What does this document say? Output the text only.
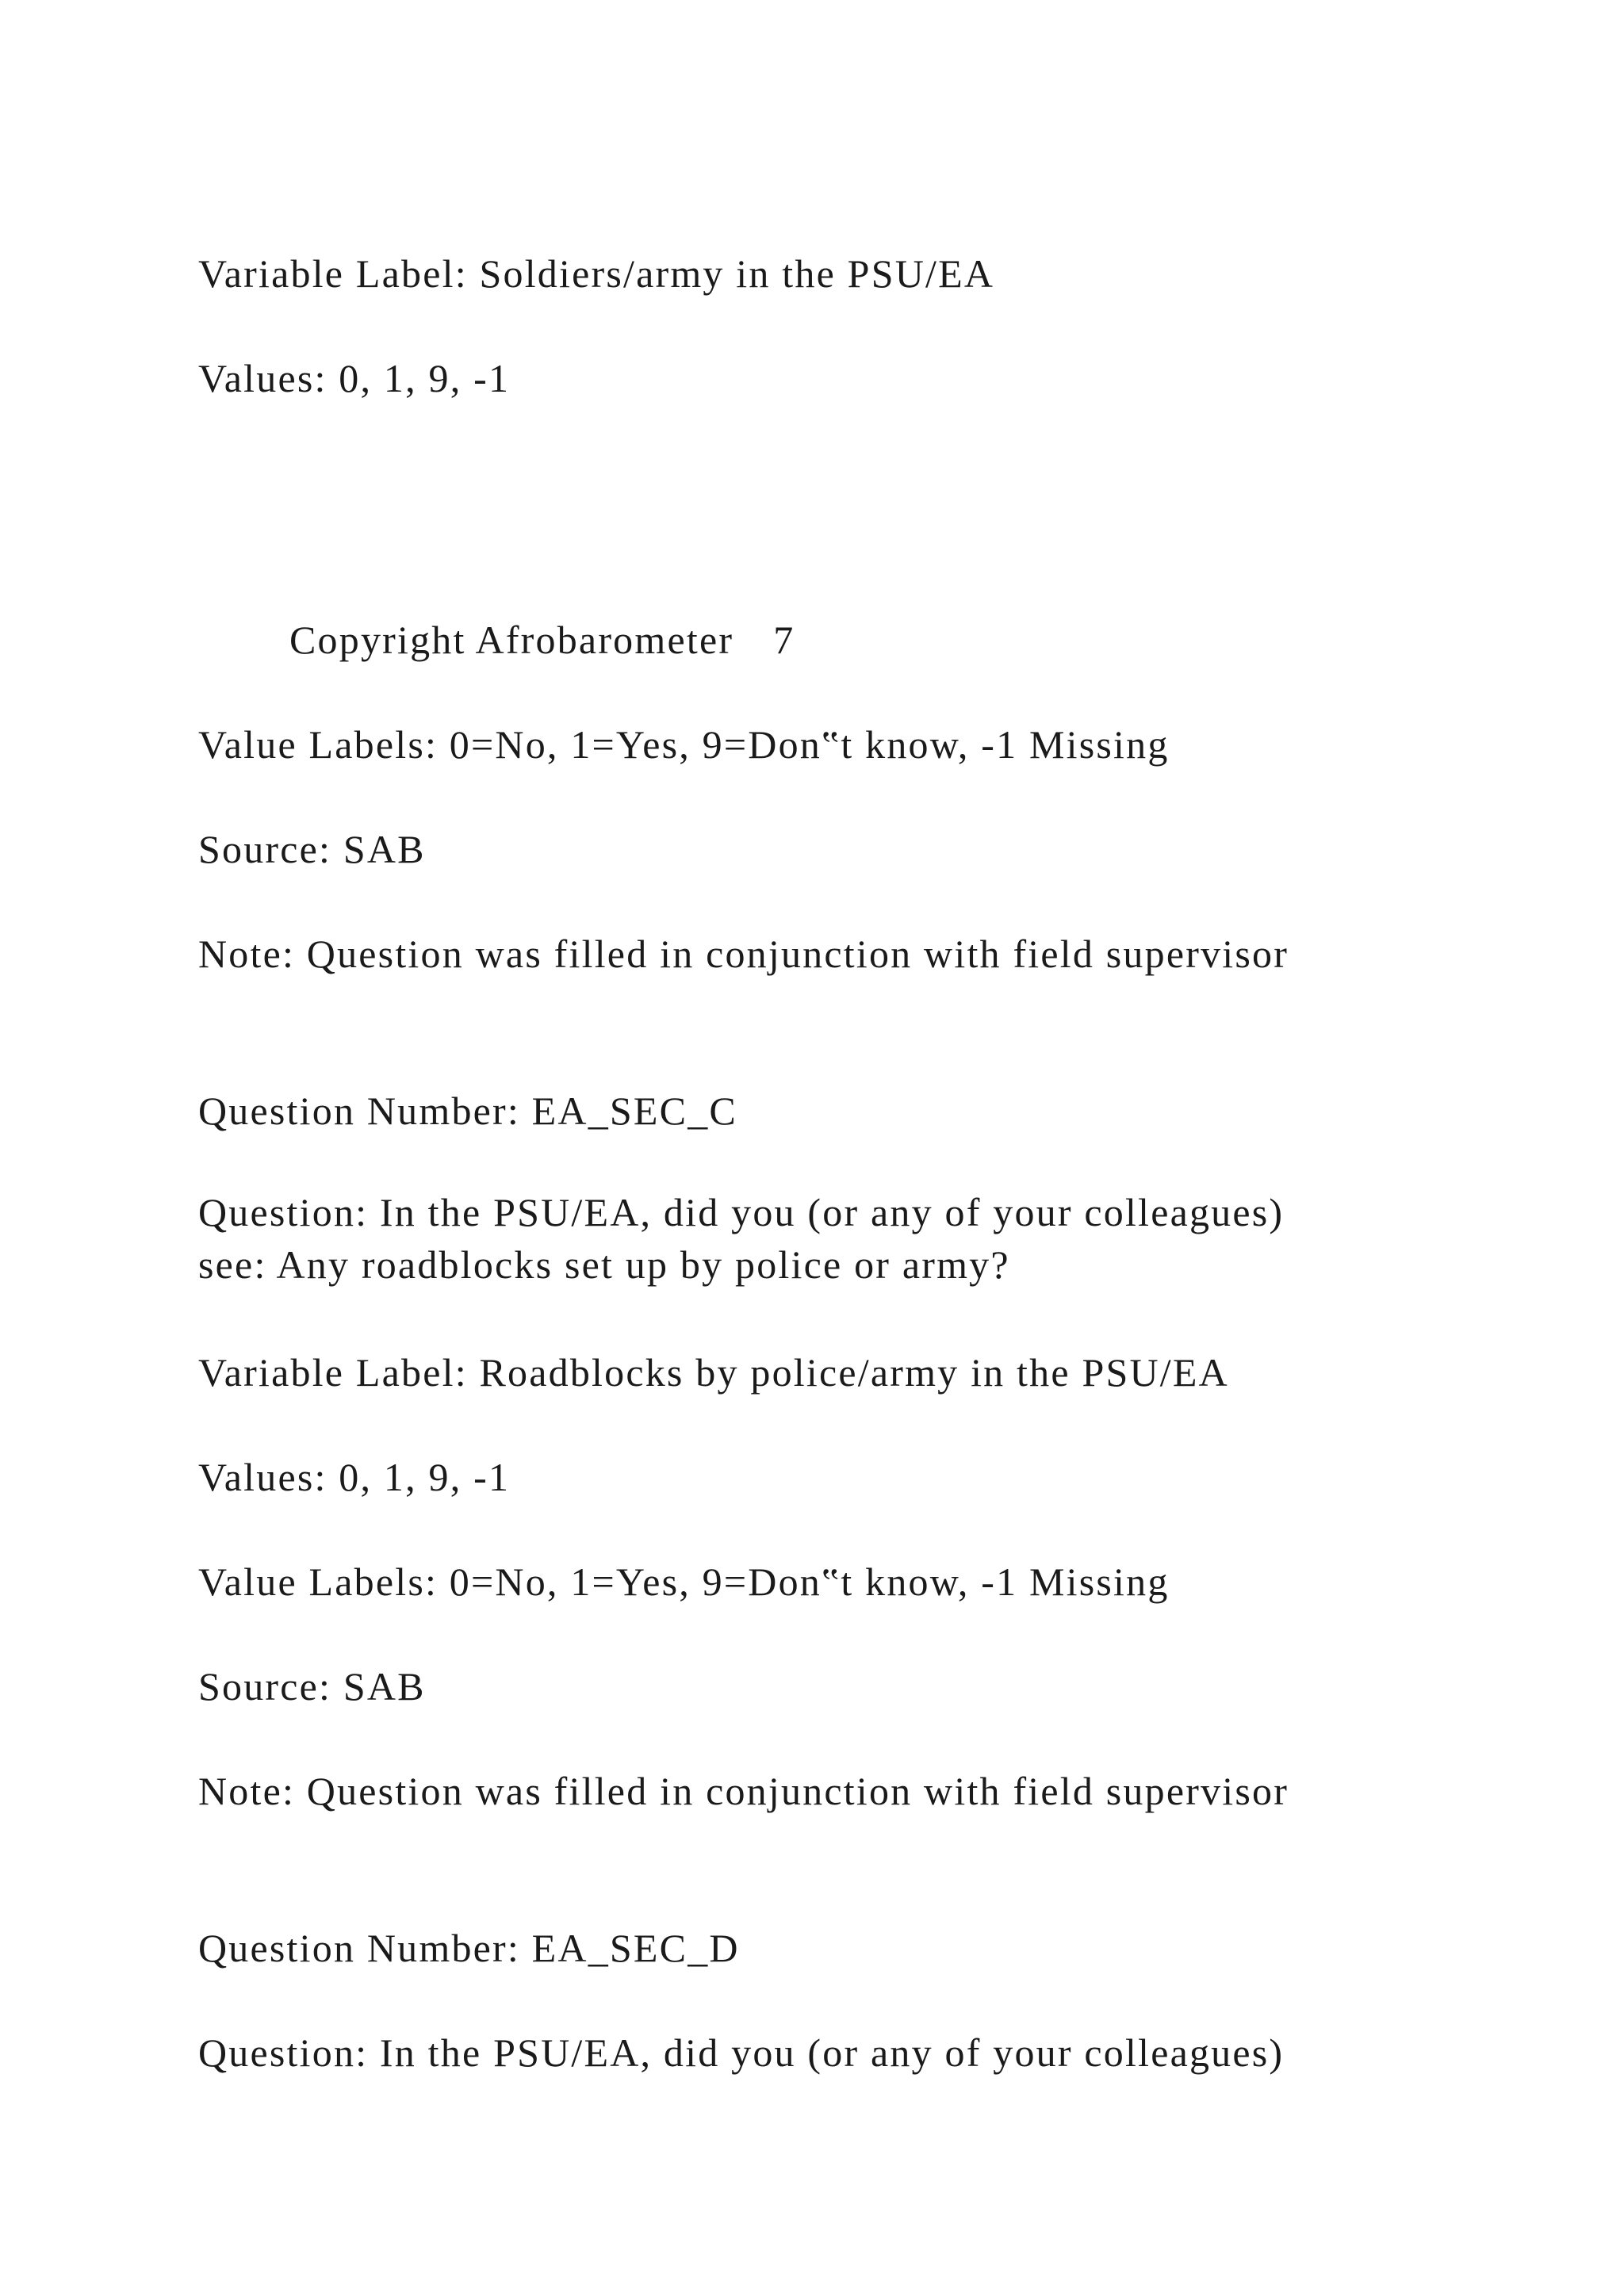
Variable Label: Soldiers/army in the PSU/EA
Values: 0, 1, 9, -1
Copyright Afrobarometer 7
Value Labels: 0=No, 1=Yes, 9=Don‟t know, -1 Missing
Source: SAB
Note: Question was filled in conjunction with field supervisor
Question Number: EA_SEC_C
Question: In the PSU/EA, did you (or any of your colleagues)
see: Any roadblocks set up by police or army?
Variable Label: Roadblocks by police/army in the PSU/EA
Values: 0, 1, 9, -1
Value Labels: 0=No, 1=Yes, 9=Don‟t know, -1 Missing
Source: SAB
Note: Question was filled in conjunction with field supervisor
Question Number: EA_SEC_D
Question: In the PSU/EA, did you (or any of your colleagues)
